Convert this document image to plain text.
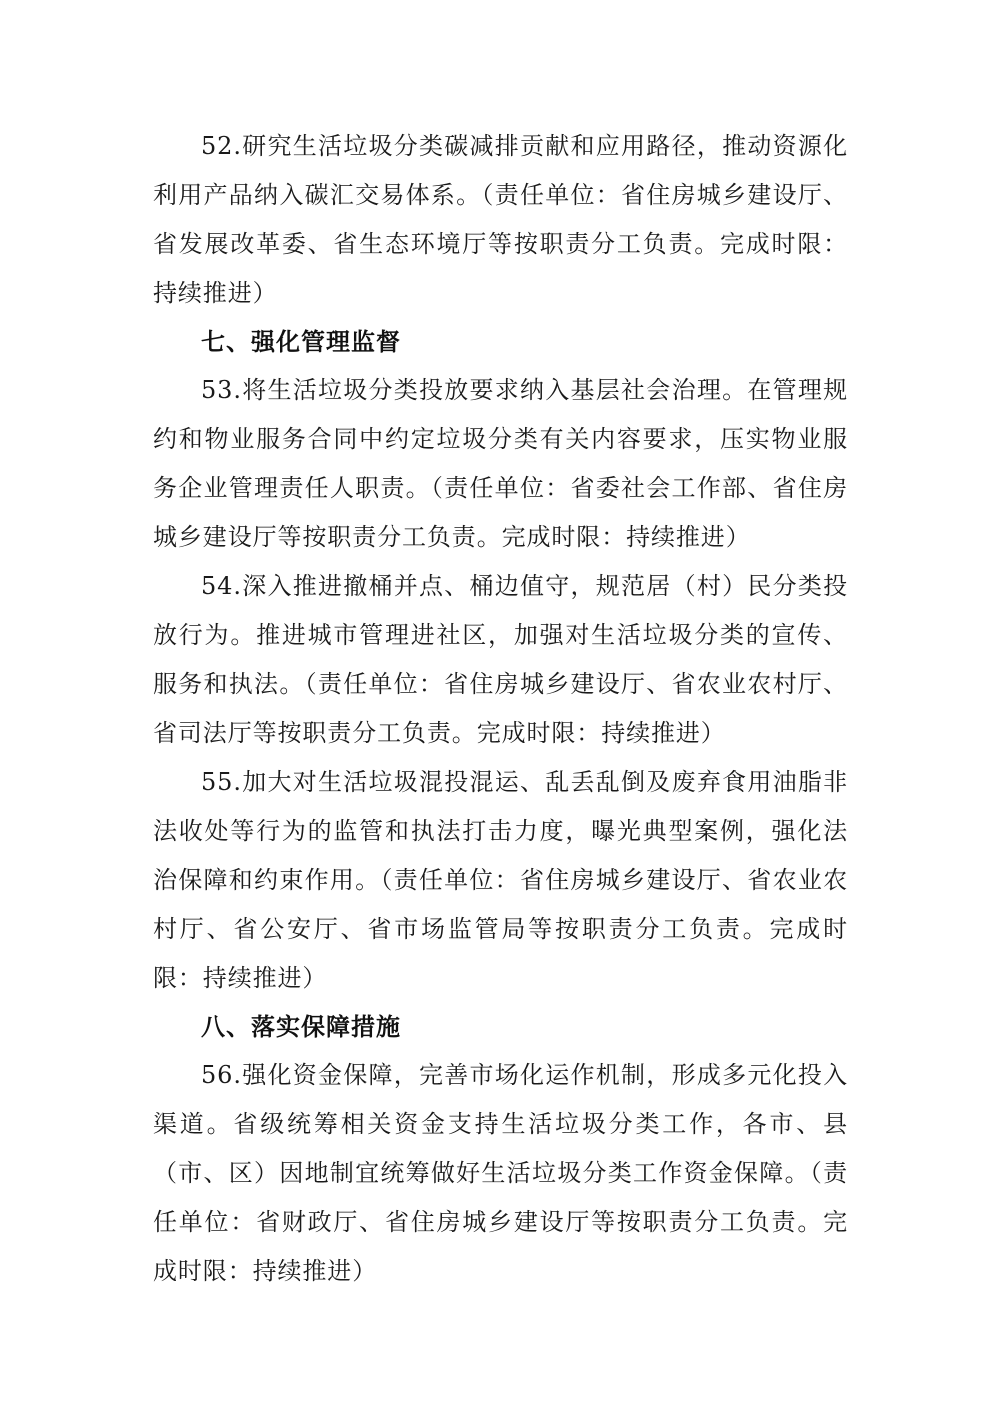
52.研究生活垃圾分类碳减排贡献和应用路径，推动资源化利用产品纳入碳汇交易体系。（责任单位：省住房城乡建设厅、省发展改革委、省生态环境厅等按职责分工负责。完成时限：持续推进）

七、强化管理监督

53.将生活垃圾分类投放要求纳入基层社会治理。在管理规约和物业服务合同中约定垃圾分类有关内容要求，压实物业服务企业管理责任人职责。（责任单位：省委社会工作部、省住房城乡建设厅等按职责分工负责。完成时限：持续推进）

54.深入推进撤桶并点、桶边值守，规范居（村）民分类投放行为。推进城市管理进社区，加强对生活垃圾分类的宣传、服务和执法。（责任单位：省住房城乡建设厅、省农业农村厅、省司法厅等按职责分工负责。完成时限：持续推进）

55.加大对生活垃圾混投混运、乱丢乱倒及废弃食用油脂非法收处等行为的监管和执法打击力度，曝光典型案例，强化法治保障和约束作用。（责任单位：省住房城乡建设厅、省农业农村厅、省公安厅、省市场监管局等按职责分工负责。完成时限：持续推进）

八、落实保障措施

56.强化资金保障，完善市场化运作机制，形成多元化投入渠道。省级统筹相关资金支持生活垃圾分类工作，各市、县（市、区）因地制宜统筹做好生活垃圾分类工作资金保障。（责任单位：省财政厅、省住房城乡建设厅等按职责分工负责。完成时限：持续推进）
